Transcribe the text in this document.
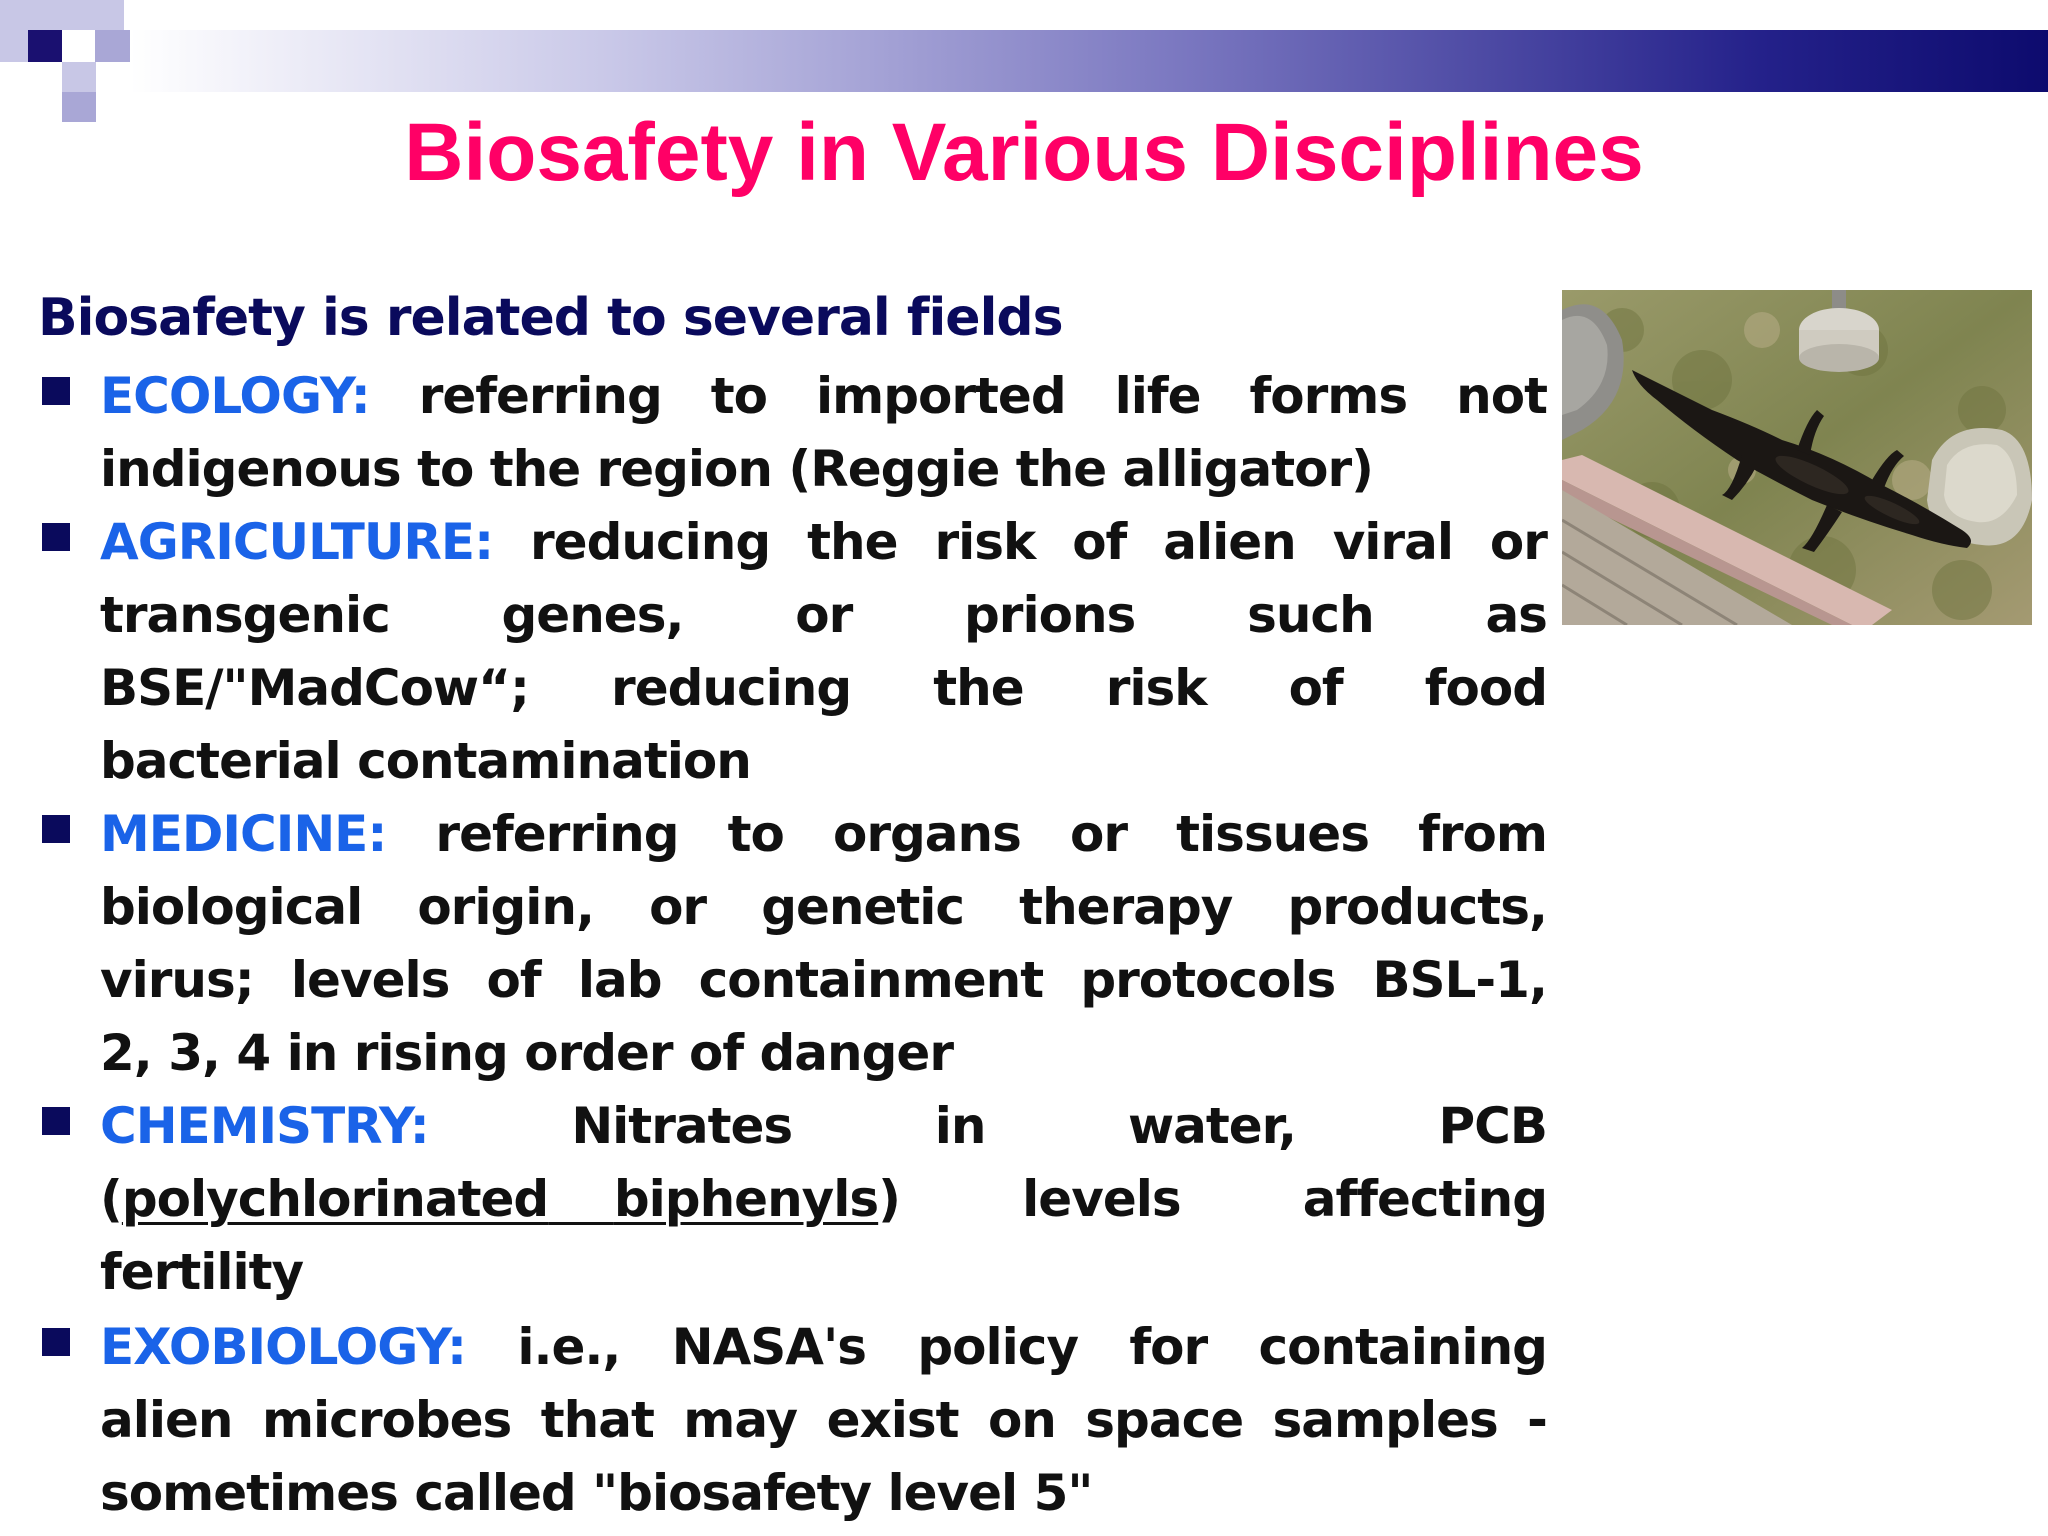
Biosafety in Various Disciplines
Biosafety is related to several fields
ECOLOGY: referring to imported life forms not
indigenous to the region (Reggie the alligator)
AGRICULTURE: reducing the risk of alien viral or
transgenic genes, or prions such as
BSE/"MadCow“; reducing the risk of food
bacterial contamination
MEDICINE: referring to organs or tissues from
biological origin, or genetic therapy products,
virus; levels of lab containment protocols BSL-1,
2, 3, 4 in rising order of danger
CHEMISTRY:	Nitrates	in	water,	PCB
(polychlorinated biphenyls) levels affecting
fertility
EXOBIOLOGY: i.e., NASA's policy for containing
alien microbes that may exist on space samples -
sometimes called "biosafety level 5"
